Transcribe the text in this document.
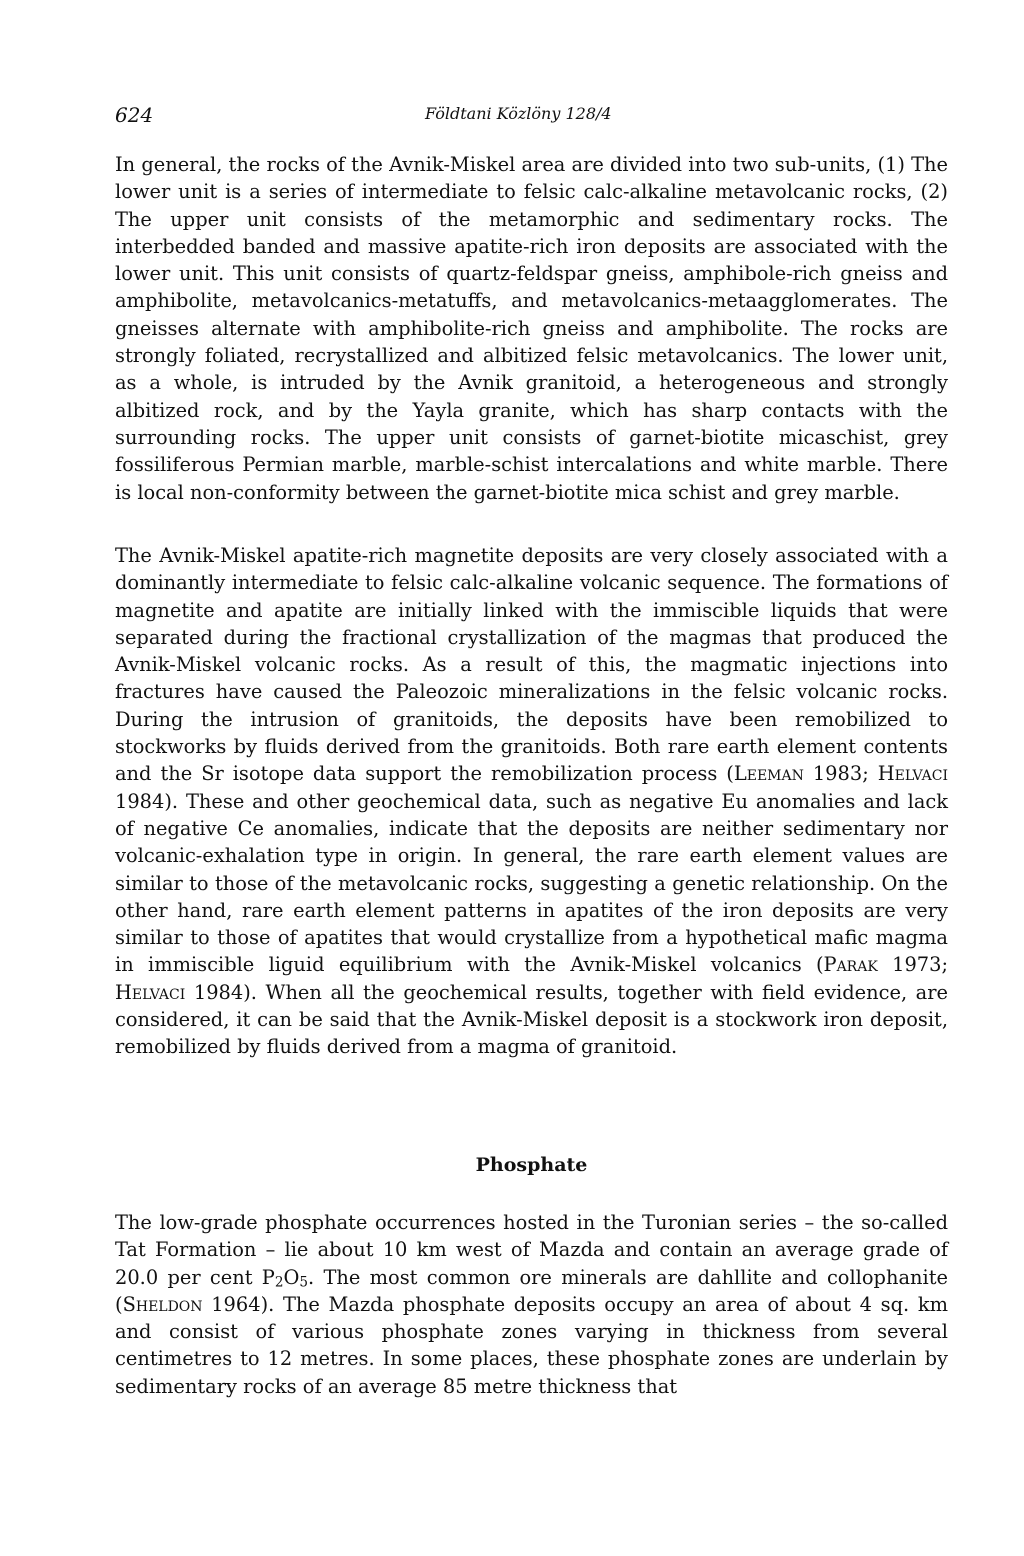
624	Földtani Közlöny 128/4

In general, the rocks of the Avnik-Miskel area are divided into two sub-units, (1) The lower unit is a series of intermediate to felsic calc-alkaline metavolcanic rocks, (2) The upper unit consists of the metamorphic and sedimentary rocks. The interbedded banded and massive apatite-rich iron deposits are associated with the lower unit. This unit consists of quartz-feldspar gneiss, amphibole-rich gneiss and amphibolite, metavolcanics-metatuffs, and metavolcanics-metaagglomerates. The gneisses alternate with amphibolite-rich gneiss and amphibolite. The rocks are strongly foliated, recrystallized and albitized felsic metavolcanics. The lower unit, as a whole, is intruded by the Avnik granitoid, a heterogeneous and strongly albitized rock, and by the Yayla granite, which has sharp contacts with the surrounding rocks. The upper unit consists of garnet-biotite micaschist, grey fossiliferous Permian marble, marble-schist intercalations and white marble. There is local non-conformity between the garnet-biotite mica schist and grey marble.

The Avnik-Miskel apatite-rich magnetite deposits are very closely associated with a dominantly intermediate to felsic calc-alkaline volcanic sequence. The formations of magnetite and apatite are initially linked with the immiscible liquids that were separated during the fractional crystallization of the magmas that produced the Avnik-Miskel volcanic rocks. As a result of this, the magmatic injections into fractures have caused the Paleozoic mineralizations in the felsic volcanic rocks. During the intrusion of granitoids, the deposits have been remobilized to stockworks by fluids derived from the granitoids. Both rare earth element contents and the Sr isotope data support the remobilization process (Leeman 1983; Helvaci 1984). These and other geochemical data, such as negative Eu anomalies and lack of negative Ce anomalies, indicate that the deposits are neither sedimentary nor volcanic-exhalation type in origin. In general, the rare earth element values are similar to those of the metavolcanic rocks, suggesting a genetic relationship. On the other hand, rare earth element patterns in apatites of the iron deposits are very similar to those of apatites that would crystallize from a hypothetical mafic magma in immiscible liguid equilibrium with the Avnik-Miskel volcanics (Parak 1973; Helvaci 1984). When all the geochemical results, together with field evidence, are considered, it can be said that the Avnik-Miskel deposit is a stockwork iron deposit, remobilized by fluids derived from a magma of granitoid.

Phosphate

The low-grade phosphate occurrences hosted in the Turonian series – the so-called Tat Formation – lie about 10 km west of Mazda and contain an average grade of 20.0 per cent $P_2O_5$. The most common ore minerals are dahllite and collophanite (Sheldon 1964). The Mazda phosphate deposits occupy an area of about 4 sq. km and consist of various phosphate zones varying in thickness from several centimetres to 12 metres. In some places, these phosphate zones are underlain by sedimentary rocks of an average 85 metre thickness that
